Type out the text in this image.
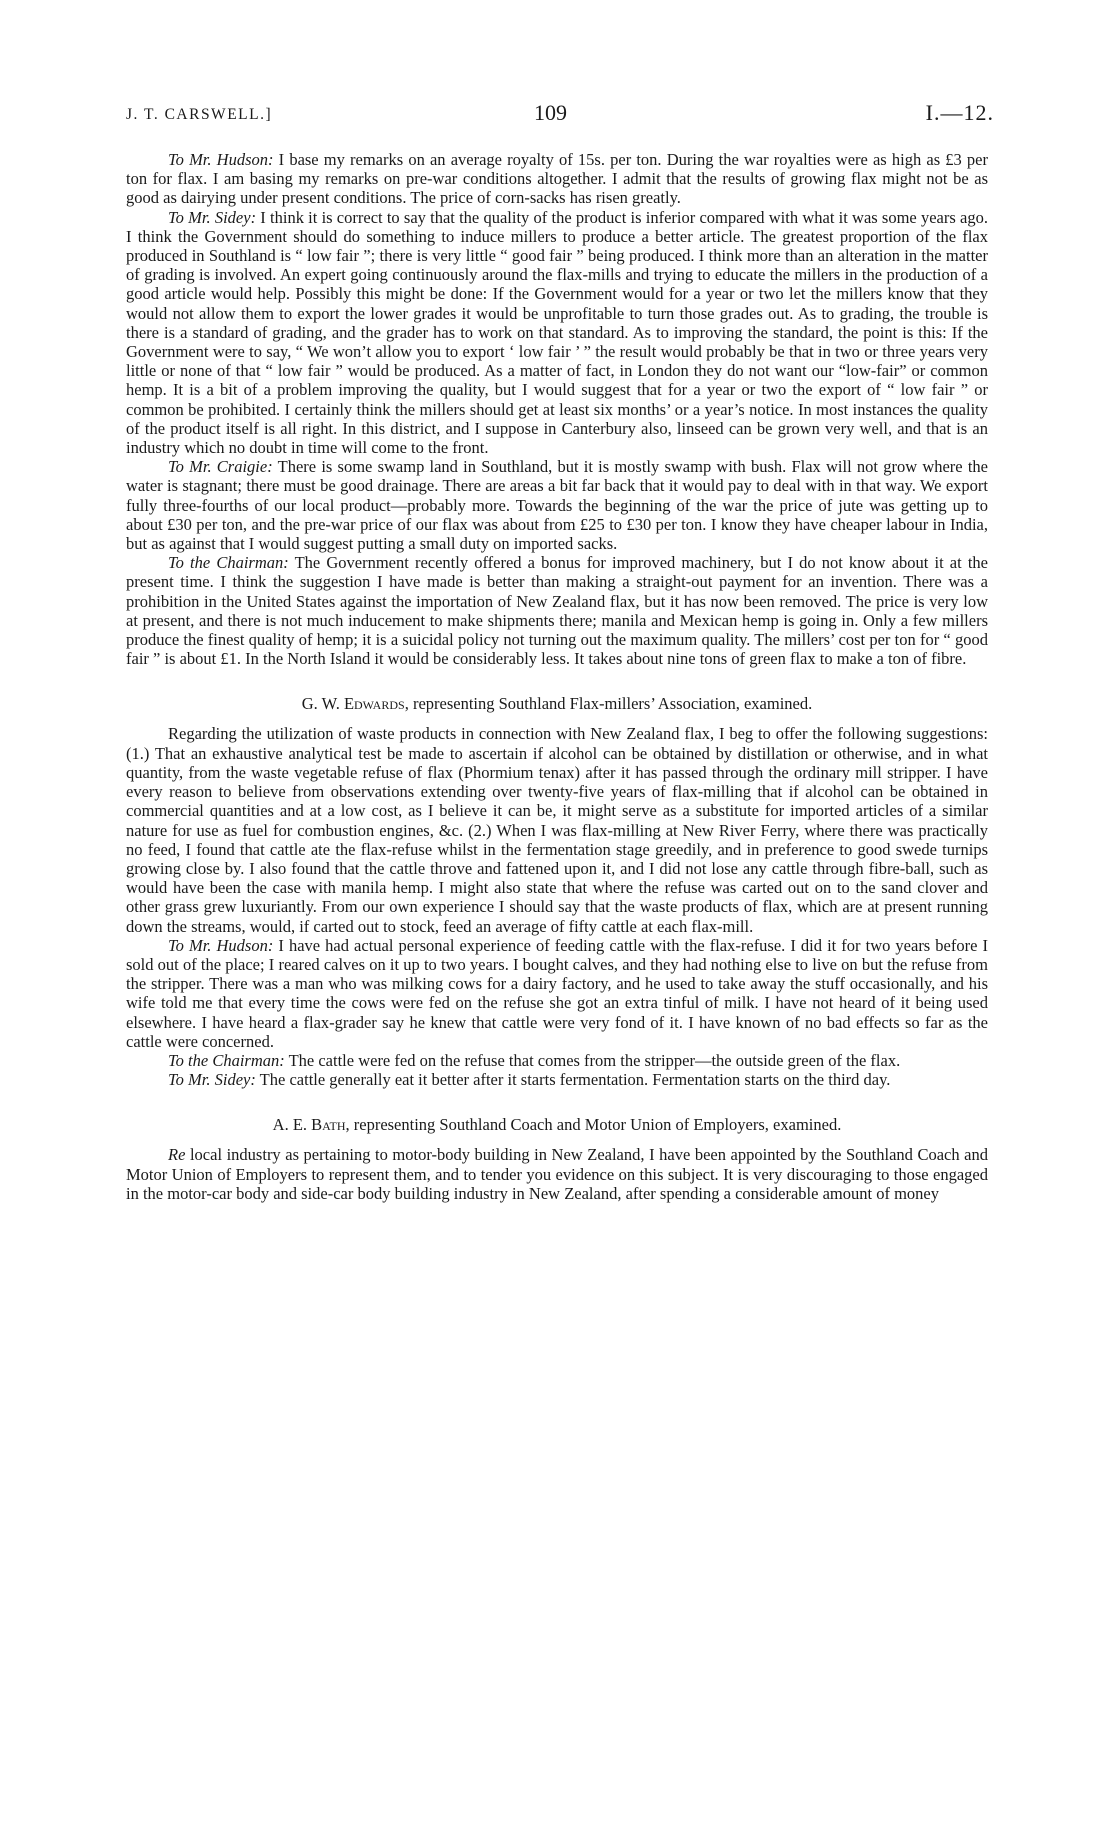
J. T. CARSWELL.]	109	I.—12.

To Mr. Hudson: I base my remarks on an average royalty of 15s. per ton. During the war royalties were as high as £3 per ton for flax. I am basing my remarks on pre-war conditions altogether. I admit that the results of growing flax might not be as good as dairying under present conditions. The price of corn-sacks has risen greatly.

To Mr. Sidey: I think it is correct to say that the quality of the product is inferior compared with what it was some years ago. I think the Government should do something to induce millers to produce a better article. The greatest proportion of the flax produced in Southland is “ low fair ”; there is very little “ good fair ” being produced. I think more than an alteration in the matter of grading is involved. An expert going continuously around the flax-mills and trying to educate the millers in the production of a good article would help. Possibly this might be done: If the Government would for a year or two let the millers know that they would not allow them to export the lower grades it would be unprofitable to turn those grades out. As to grading, the trouble is there is a standard of grading, and the grader has to work on that standard. As to improving the standard, the point is this: If the Government were to say, “ We won’t allow you to export ‘ low fair ’ ” the result would probably be that in two or three years very little or none of that “ low fair ” would be produced. As a matter of fact, in London they do not want our “low-fair” or common hemp. It is a bit of a problem improving the quality, but I would suggest that for a year or two the export of “ low fair ” or common be prohibited. I certainly think the millers should get at least six months’ or a year’s notice. In most instances the quality of the product itself is all right. In this district, and I suppose in Canterbury also, linseed can be grown very well, and that is an industry which no doubt in time will come to the front.

To Mr. Craigie: There is some swamp land in Southland, but it is mostly swamp with bush. Flax will not grow where the water is stagnant; there must be good drainage. There are areas a bit far back that it would pay to deal with in that way. We export fully three-fourths of our local product—probably more. Towards the beginning of the war the price of jute was getting up to about £30 per ton, and the pre-war price of our flax was about from £25 to £30 per ton. I know they have cheaper labour in India, but as against that I would suggest putting a small duty on imported sacks.

To the Chairman: The Government recently offered a bonus for improved machinery, but I do not know about it at the present time. I think the suggestion I have made is better than making a straight-out payment for an invention. There was a prohibition in the United States against the importation of New Zealand flax, but it has now been removed. The price is very low at present, and there is not much inducement to make shipments there; manila and Mexican hemp is going in. Only a few millers produce the finest quality of hemp; it is a suicidal policy not turning out the maximum quality. The millers’ cost per ton for “ good fair ” is about £1. In the North Island it would be considerably less. It takes about nine tons of green flax to make a ton of fibre.

G. W. Edwards, representing Southland Flax-millers’ Association, examined.

Regarding the utilization of waste products in connection with New Zealand flax, I beg to offer the following suggestions: (1.) That an exhaustive analytical test be made to ascertain if alcohol can be obtained by distillation or otherwise, and in what quantity, from the waste vegetable refuse of flax (Phormium tenax) after it has passed through the ordinary mill stripper. I have every reason to believe from observations extending over twenty-five years of flax-milling that if alcohol can be obtained in commercial quantities and at a low cost, as I believe it can be, it might serve as a substitute for imported articles of a similar nature for use as fuel for combustion engines, &c. (2.) When I was flax-milling at New River Ferry, where there was practically no feed, I found that cattle ate the flax-refuse whilst in the fermentation stage greedily, and in preference to good swede turnips growing close by. I also found that the cattle throve and fattened upon it, and I did not lose any cattle through fibre-ball, such as would have been the case with manila hemp. I might also state that where the refuse was carted out on to the sand clover and other grass grew luxuriantly. From our own experience I should say that the waste products of flax, which are at present running down the streams, would, if carted out to stock, feed an average of fifty cattle at each flax-mill.

To Mr. Hudson: I have had actual personal experience of feeding cattle with the flax-refuse. I did it for two years before I sold out of the place; I reared calves on it up to two years. I bought calves, and they had nothing else to live on but the refuse from the stripper. There was a man who was milking cows for a dairy factory, and he used to take away the stuff occasionally, and his wife told me that every time the cows were fed on the refuse she got an extra tinful of milk. I have not heard of it being used elsewhere. I have heard a flax-grader say he knew that cattle were very fond of it. I have known of no bad effects so far as the cattle were concerned.

To the Chairman: The cattle were fed on the refuse that comes from the stripper—the outside green of the flax.

To Mr. Sidey: The cattle generally eat it better after it starts fermentation. Fermentation starts on the third day.

A. E. Bath, representing Southland Coach and Motor Union of Employers, examined.

Re local industry as pertaining to motor-body building in New Zealand, I have been appointed by the Southland Coach and Motor Union of Employers to represent them, and to tender you evidence on this subject. It is very discouraging to those engaged in the motor-car body and side-car body building industry in New Zealand, after spending a considerable amount of money
